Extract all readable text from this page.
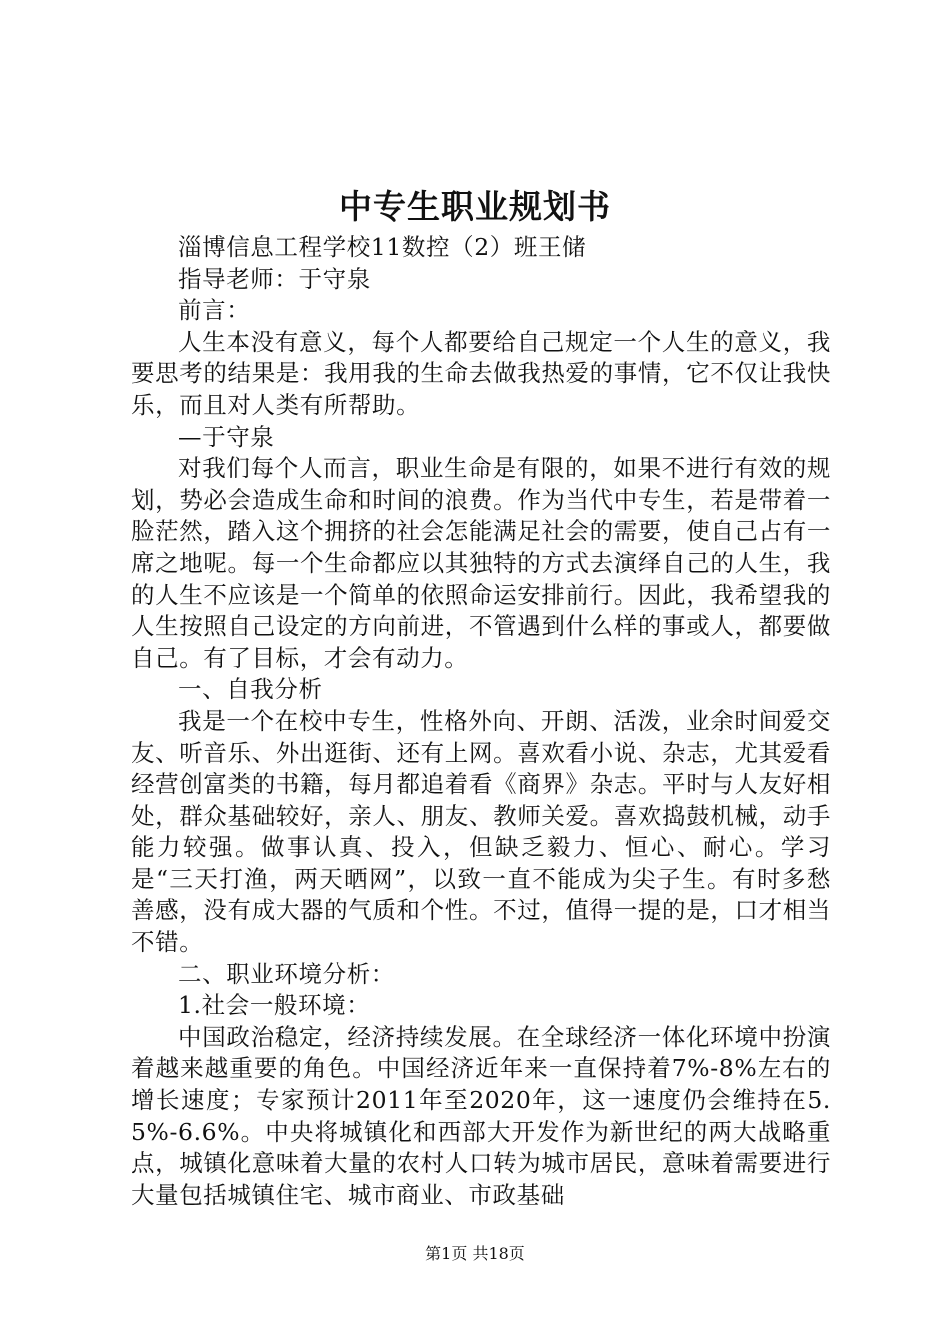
中专生职业规划书

淄博信息工程学校11数控（2）班王储

指导老师：于守泉

前言：

人生本没有意义，每个人都要给自己规定一个人生的意义，我要思考的结果是：我用我的生命去做我热爱的事情，它不仅让我快乐，而且对人类有所帮助。

—于守泉

对我们每个人而言，职业生命是有限的，如果不进行有效的规划，势必会造成生命和时间的浪费。作为当代中专生，若是带着一脸茫然，踏入这个拥挤的社会怎能满足社会的需要，使自己占有一席之地呢。每一个生命都应以其独特的方式去演绎自己的人生，我的人生不应该是一个简单的依照命运安排前行。因此，我希望我的人生按照自己设定的方向前进，不管遇到什么样的事或人，都要做自己。有了目标，才会有动力。

一、自我分析

我是一个在校中专生，性格外向、开朗、活泼，业余时间爱交友、听音乐、外出逛街、还有上网。喜欢看小说、杂志，尤其爱看经营创富类的书籍，每月都追着看《商界》杂志。平时与人友好相处，群众基础较好，亲人、朋友、教师关爱。喜欢捣鼓机械，动手能力较强。做事认真、投入，但缺乏毅力、恒心、耐心。学习是“三天打渔，两天晒网”，以致一直不能成为尖子生。有时多愁善感，没有成大器的气质和个性。不过，值得一提的是，口才相当不错。

二、职业环境分析：

1.社会一般环境：

中国政治稳定，经济持续发展。在全球经济一体化环境中扮演着越来越重要的角色。中国经济近年来一直保持着7%-8%左右的增长速度；专家预计2011年至2020年，这一速度仍会维持在5.5%-6.6%。中央将城镇化和西部大开发作为新世纪的两大战略重点，城镇化意味着大量的农村人口转为城市居民，意味着需要进行大量包括城镇住宅、城市商业、市政基础

第1页 共18页
